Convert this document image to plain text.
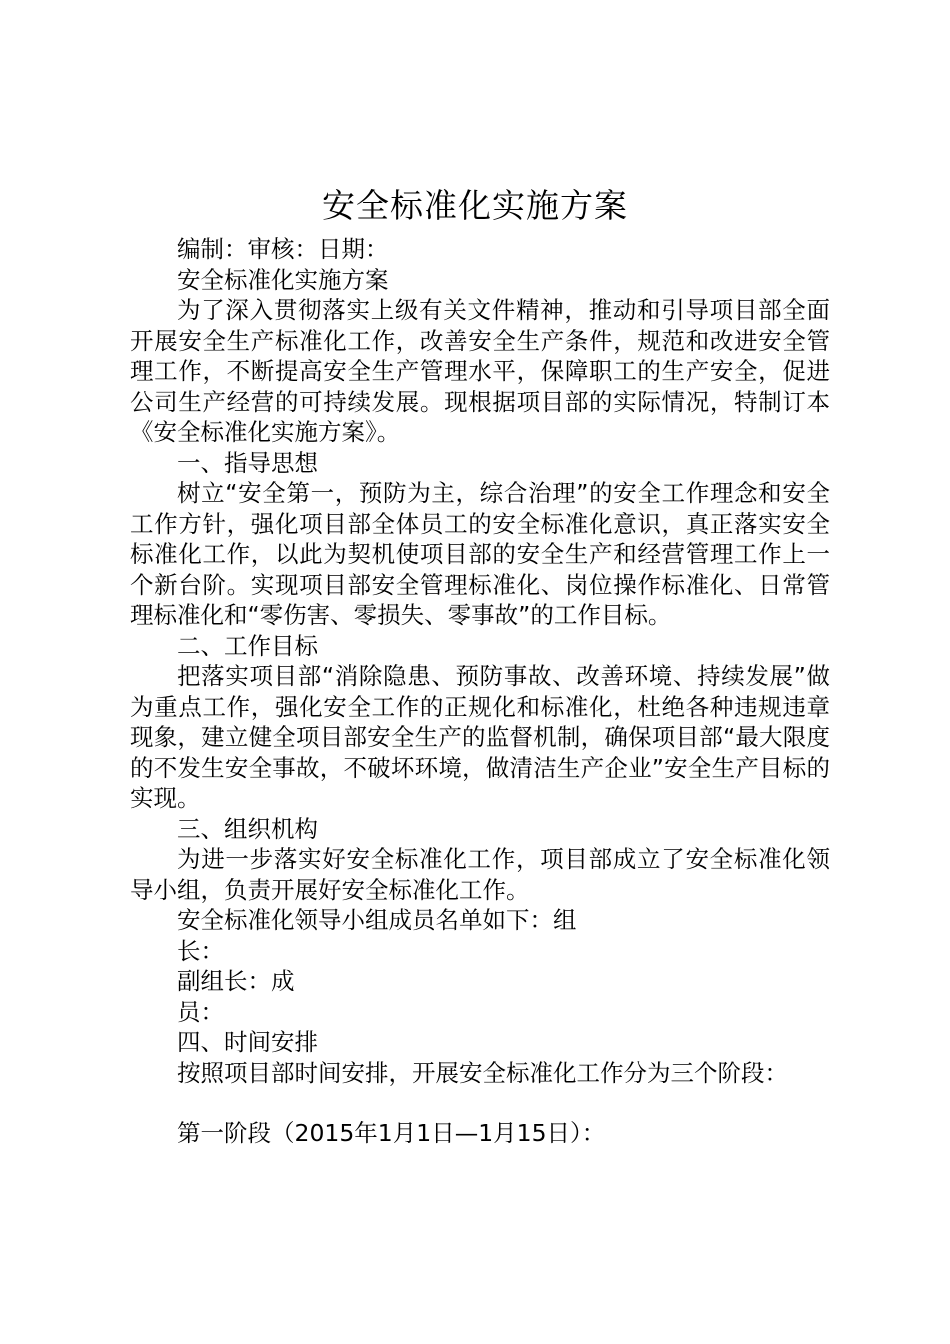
安全标准化实施方案

编制：审核：日期：

安全标准化实施方案

为了深入贯彻落实上级有关文件精神，推动和引导项目部全面开展安全生产标准化工作，改善安全生产条件，规范和改进安全管理工作，不断提高安全生产管理水平，保障职工的生产安全，促进公司生产经营的可持续发展。现根据项目部的实际情况，特制订本《安全标准化实施方案》。

一、指导思想

树立“安全第一，预防为主，综合治理”的安全工作理念和安全工作方针，强化项目部全体员工的安全标准化意识，真正落实安全标准化工作，以此为契机使项目部的安全生产和经营管理工作上一个新台阶。实现项目部安全管理标准化、岗位操作标准化、日常管理标准化和“零伤害、零损失、零事故”的工作目标。

二、工作目标

把落实项目部“消除隐患、预防事故、改善环境、持续发展”做为重点工作，强化安全工作的正规化和标准化，杜绝各种违规违章现象，建立健全项目部安全生产的监督机制，确保项目部“最大限度的不发生安全事故，不破坏环境，做清洁生产企业”安全生产目标的实现。

三、组织机构

为进一步落实好安全标准化工作，项目部成立了安全标准化领导小组，负责开展好安全标准化工作。

安全标准化领导小组成员名单如下：组

长：

副组长：成

员：

四、时间安排

按照项目部时间安排，开展安全标准化工作分为三个阶段：

第一阶段（2015年1月1日—1月15日）：
